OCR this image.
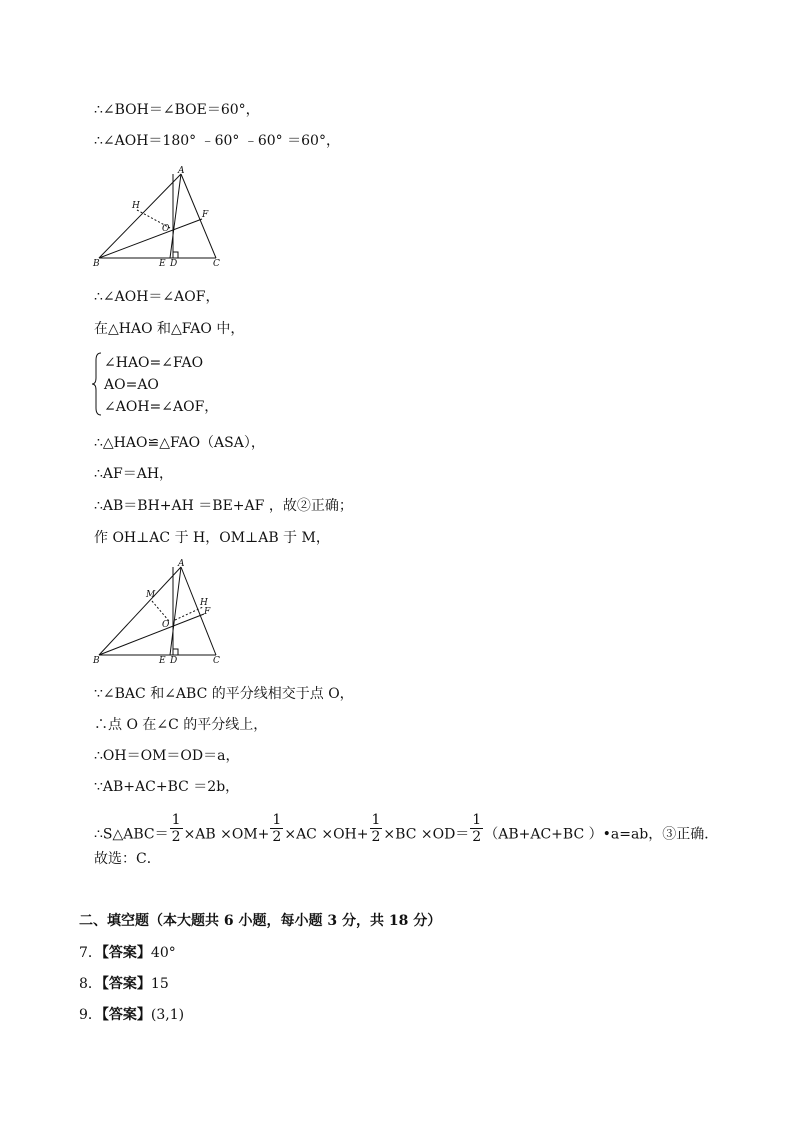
∴∠BOH＝∠BOE＝60°，
∴∠AOH＝180° ﹣60° ﹣60° ＝60°，
A
H
F
O
B	E D	C
∴∠AOH＝∠AOF，
在△HAO 和△FAO 中，
∠HAO=∠FAO
AO=AO
∠AOH=∠AOF，
∴△HAO≌△FAO（ASA），
∴AF＝AH，
∴AB＝BH+AH ＝BE+AF ，故②正确；
作 OH⊥AC 于 H，OM⊥AB 于 M，
A
M
H
F
O
B	E D	C
∵∠BAC 和∠ABC 的平分线相交于点 O，
∴点 O 在∠C 的平分线上，
∴OH＝OM＝OD＝a，
∵AB+AC+BC ＝2b，
∴S△ABC＝ $\frac{1}{2} \times AB \times OM+ \frac{1}{2} \times AC \times OH+ \frac{1}{2} \times BC \times OD= \frac{1}{2} (AB+AC+BC$ ）•a=ab，③正确．
故选：C．
二、填空题（本大题共 6 小题，每小题 3 分，共 18 分）
7．【答案】40°
8．【答案】15
9．【答案】(3,1)
